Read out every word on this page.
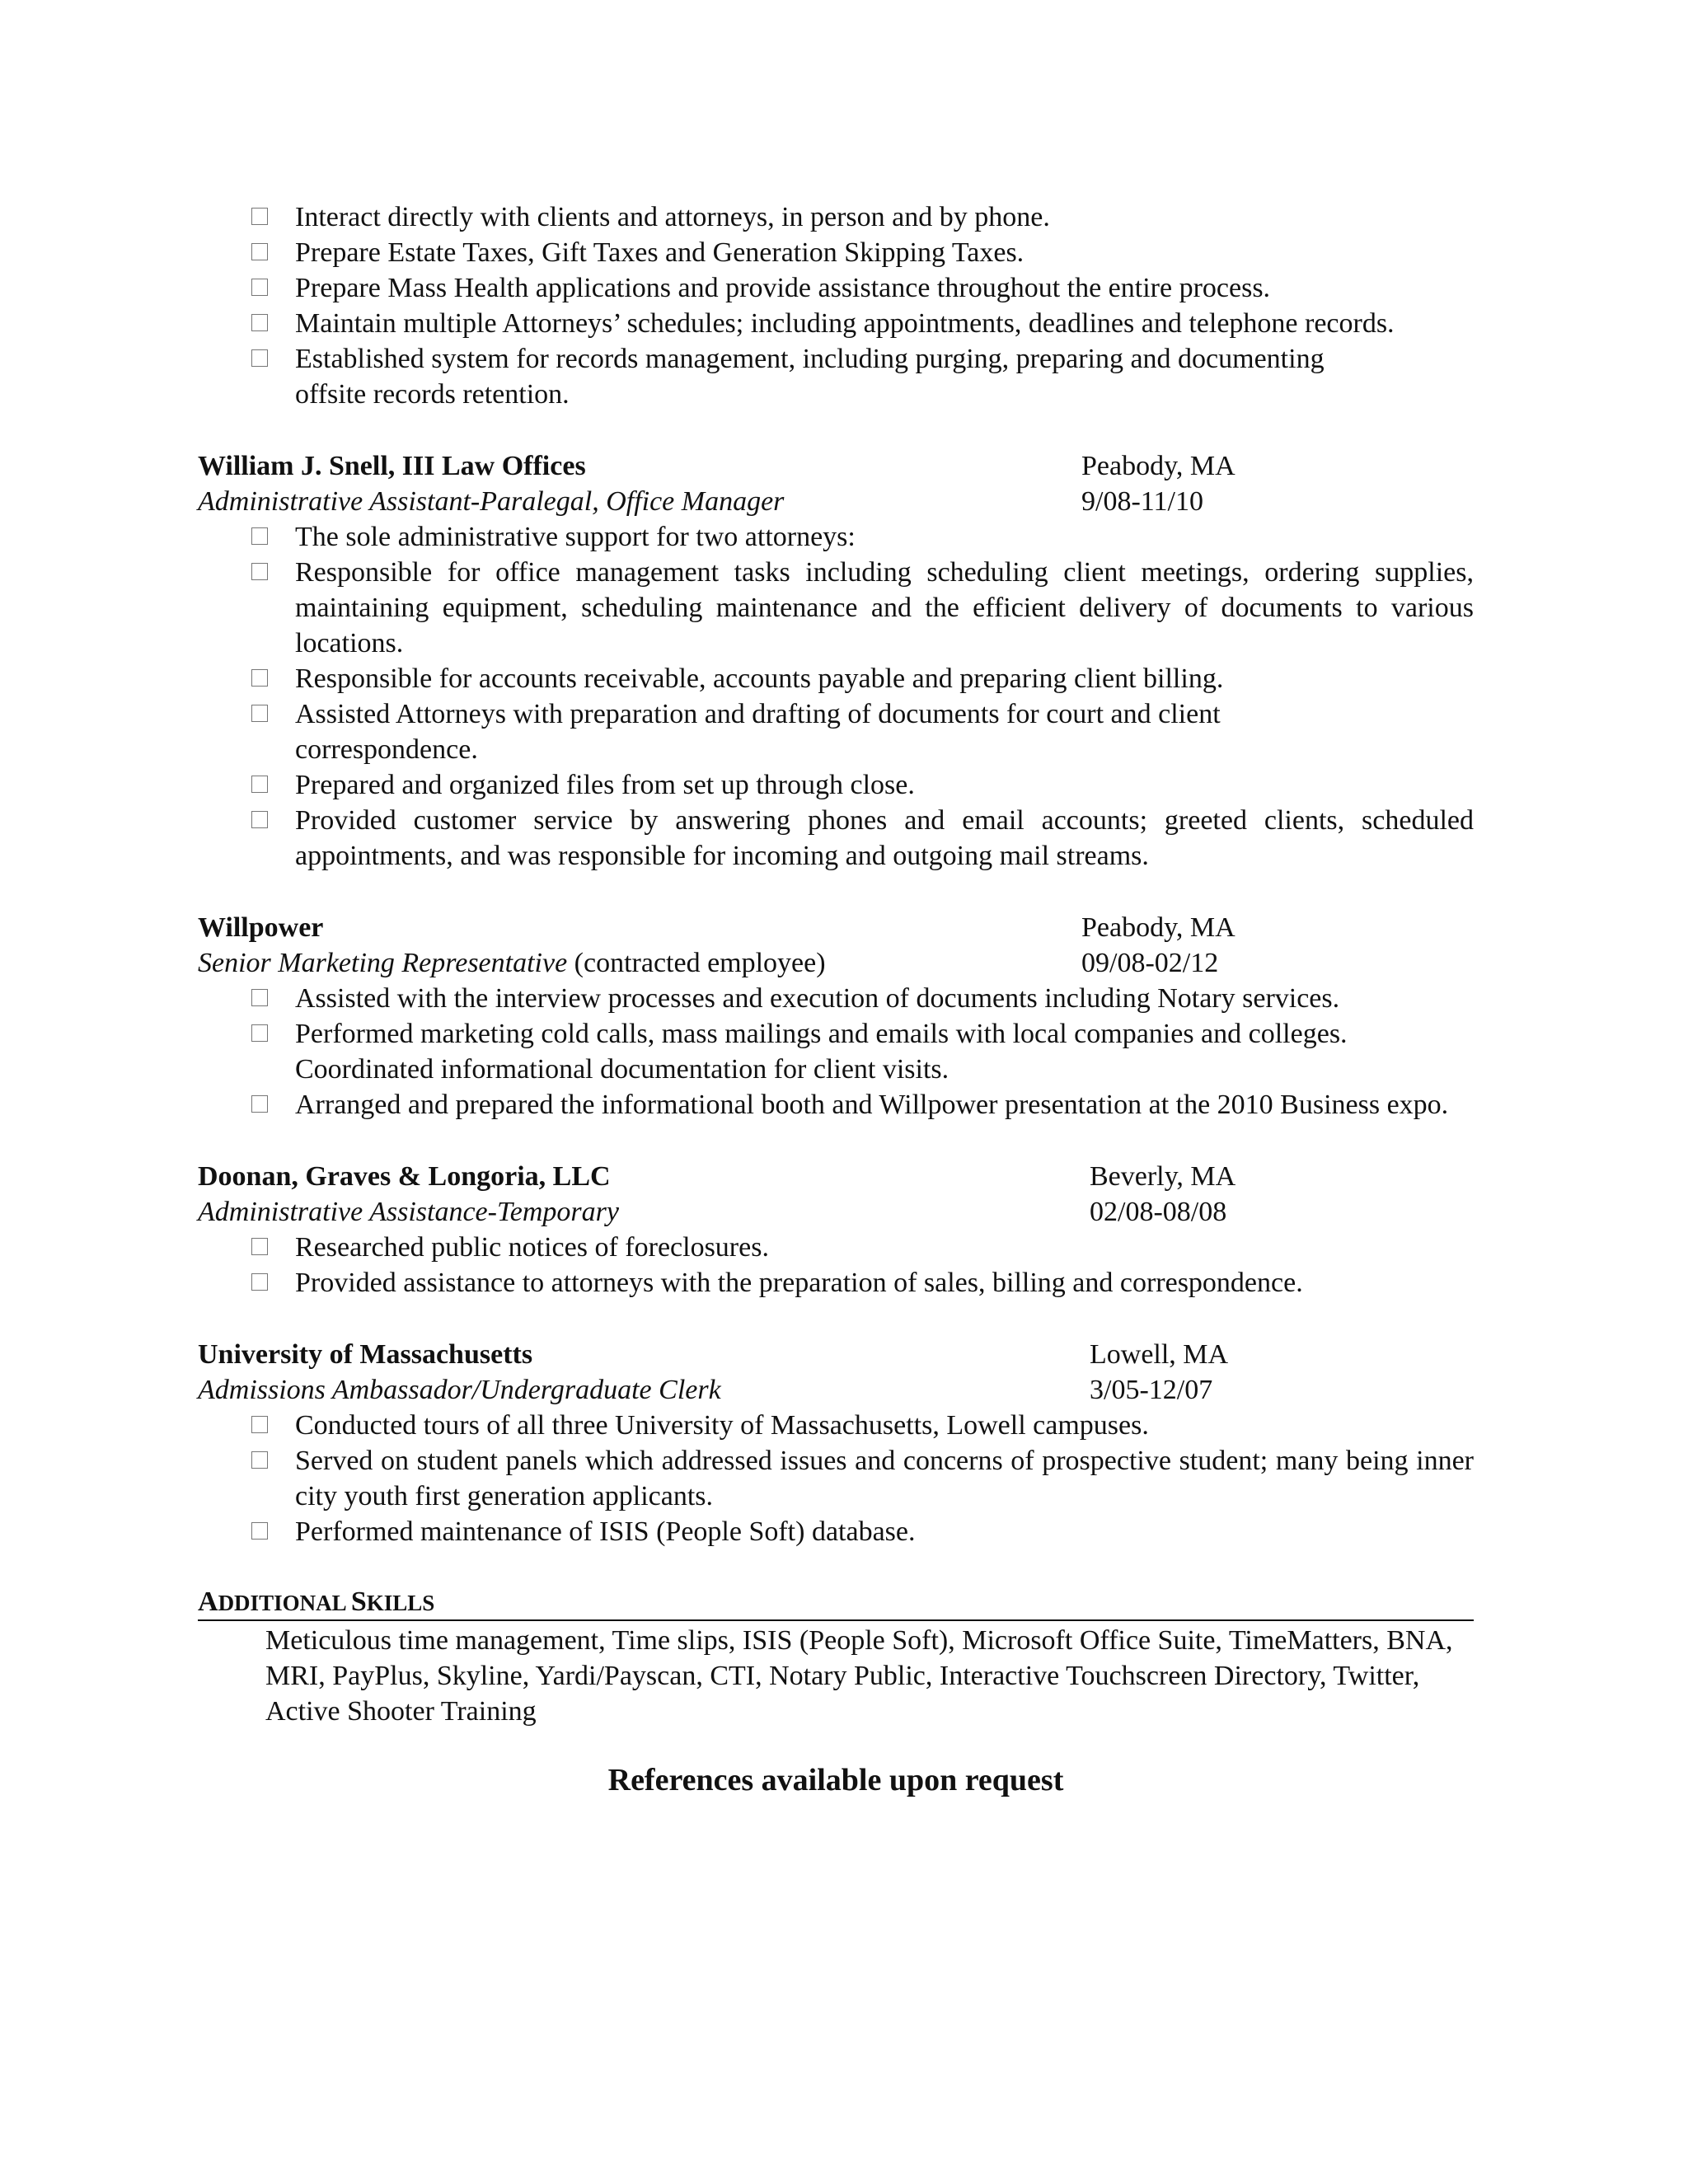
Interact directly with clients and attorneys, in person and by phone.
Prepare Estate Taxes, Gift Taxes and Generation Skipping Taxes.
Prepare Mass Health applications and provide assistance throughout the entire process.
Maintain multiple Attorneys’ schedules; including appointments, deadlines and telephone records.
Established system for records management, including purging, preparing and documenting offsite records retention.
William J. Snell, III Law Offices	Peabody, MA
Administrative Assistant-Paralegal, Office Manager	9/08-11/10
The sole administrative support for two attorneys:
Responsible for office management tasks including scheduling client meetings, ordering supplies, maintaining equipment, scheduling maintenance and the efficient delivery of documents to various locations.
Responsible for accounts receivable, accounts payable and preparing client billing.
Assisted Attorneys with preparation and drafting of documents for court and client correspondence.
Prepared and organized files from set up through close.
Provided customer service by answering phones and email accounts; greeted clients, scheduled appointments, and was responsible for incoming and outgoing mail streams.
Willpower	Peabody, MA
Senior Marketing Representative (contracted employee)	09/08-02/12
Assisted with the interview processes and execution of documents including Notary services.
Performed marketing cold calls, mass mailings and emails with local companies and colleges. Coordinated informational documentation for client visits.
Arranged and prepared the informational booth and Willpower presentation at the 2010 Business expo.
Doonan, Graves & Longoria, LLC	Beverly, MA
Administrative Assistance-Temporary	02/08-08/08
Researched public notices of foreclosures.
Provided assistance to attorneys with the preparation of sales, billing and correspondence.
University of Massachusetts	Lowell, MA
Admissions Ambassador/Undergraduate Clerk	3/05-12/07
Conducted tours of all three University of Massachusetts, Lowell campuses.
Served on student panels which addressed issues and concerns of prospective student; many being inner city youth first generation applicants.
Performed maintenance of ISIS (People Soft) database.
ADDITIONAL SKILLS
Meticulous time management, Time slips, ISIS (People Soft), Microsoft Office Suite, TimeMatters, BNA, MRI, PayPlus, Skyline, Yardi/Payscan, CTI, Notary Public, Interactive Touchscreen Directory, Twitter, Active Shooter Training
References available upon request
